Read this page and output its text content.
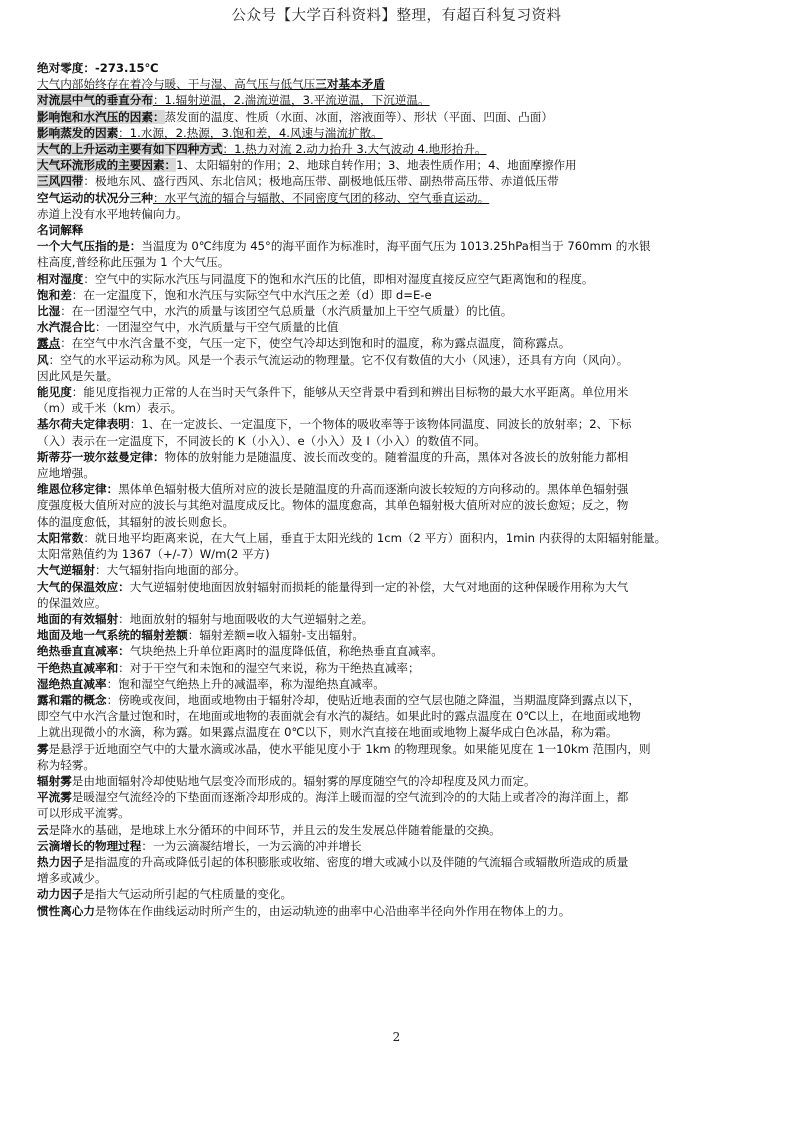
公众号【大学百科资料】整理，有超百科复习资料
绝对零度：-273.15℃
大气内部始终存在着冷与暖、干与湿、高气压与低气压三对基本矛盾
对流层中气的垂直分布：1.辐射逆温，2.湍流逆温，3.平流逆温，下沉逆温。
影响饱和水汽压的因素：蒸发面的温度、性质（水面、冰面，溶液面等）、形状（平面、凹面、凸面）
影响蒸发的因素：1.水源，2.热源，3.饱和差，4.风速与湍流扩散。
大气的上升运动主要有如下四种方式：1.热力对流 2.动力抬升 3.大气波动 4.地形抬升。
大气环流形成的主要因素：1、太阳辐射的作用；2、地球自转作用；3、地表性质作用；4、地面摩擦作用
三风四带：极地东风、盛行西风、东北信风；极地高压带、副极地低压带、副热带高压带、赤道低压带
空气运动的状况分三种：水平气流的辐合与辐散、不同密度气团的移动、空气垂直运动。
赤道上没有水平地转偏向力。
名词解释
一个大气压指的是：当温度为 0℃纬度为 45°的海平面作为标准时，海平面气压为 1013.25hPa相当于 760mm 的水银
柱高度,普经称此压强为 1 个大气压。
相对湿度：空气中的实际水汽压与同温度下的饱和水汽压的比值，即相对湿度直接反应空气距离饱和的程度。
饱和差：在一定温度下，饱和水汽压与实际空气中水汽压之差（d）即 d=E-e
比湿：在一团湿空气中，水汽的质量与该团空气总质量（水汽质量加上干空气质量）的比值。
水汽混合比：一团湿空气中，水汽质量与干空气质量的比值
露点：在空气中水汽含量不变，气压一定下，使空气冷却达到饱和时的温度，称为露点温度，简称露点。
风：空气的水平运动称为风。风是一个表示气流运动的物理量。它不仅有数值的大小（风速），还具有方向（风向）。
因此风是矢量。
能见度：能见度指视力正常的人在当时天气条件下，能够从天空背景中看到和辨出目标物的最大水平距离。单位用米
（m）或千米（km）表示。
基尔荷夫定律表明：1、在一定波长、一定温度下，一个物体的吸收率等于该物体同温度、同波长的放射率；2、下标
（入）表示在一定温度下，不同波长的 K（小入）、e（小入）及 I（小入）的数值不同。
斯蒂芬一玻尔兹曼定律：物体的放射能力是随温度、波长而改变的。随着温度的升高，黑体对各波长的放射能力都相
应地增强。
维恩位移定律：黑体单色辐射极大值所对应的波长是随温度的升高而逐渐向波长较短的方向移动的。黑体单色辐射强
度强度极大值所对应的波长与其绝对温度成反比。物体的温度愈高，其单色辐射极大值所对应的波长愈短；反之，物
体的温度愈低，其辐射的波长则愈长。
太阳常数：就日地平均距离来说，在大气上届，垂直于太阳光线的 1cm（2 平方）面积内，1min 内获得的太阳辐射能量。
太阳常熟值约为 1367（+/-7）W/m(2 平方)
大气逆辐射：大气辐射指向地面的部分。
大气的保温效应：大气逆辐射使地面因放射辐射而损耗的能量得到一定的补偿，大气对地面的这种保暖作用称为大气
的保温效应。
地面的有效辐射：地面放射的辐射与地面吸收的大气逆辐射之差。
地面及地一气系统的辐射差额：辐射差额=收入辐射-支出辐射。
绝热垂直直减率：气块绝热上升单位距离时的温度降低值，称绝热垂直直减率。
干绝热直减率和：对于干空气和未饱和的湿空气来说，称为干绝热直减率；
湿绝热直减率：饱和湿空气绝热上升的减温率，称为湿绝热直减率。
露和霜的概念：傍晚或夜间，地面或地物由于辐射冷却，使贴近地表面的空气层也随之降温，当期温度降到露点以下，
即空气中水汽含量过饱和时，在地面或地物的表面就会有水汽的凝结。如果此时的露点温度在 0℃以上，在地面或地物
上就出现微小的水滴，称为露。如果露点温度在 0℃以下，则水汽直接在地面或地物上凝华成白色冰晶，称为霜。
雾是悬浮于近地面空气中的大量水滴或冰晶，使水平能见度小于 1km 的物理现象。如果能见度在 1一10km 范围内，则
称为轻雾。
辐射雾是由地面辐射冷却使贴地气层变冷而形成的。辐射雾的厚度随空气的冷却程度及风力而定。
平流雾是暖湿空气流经冷的下垫面而逐渐冷却形成的。海洋上暖而湿的空气流到冷的的大陆上或者冷的海洋面上，都
可以形成平流雾。
云是降水的基础，是地球上水分循环的中间环节，并且云的发生发展总伴随着能量的交换。
云滴增长的物理过程：一为云滴凝结增长，一为云滴的冲并增长
热力因子是指温度的升高或降低引起的体积膨胀或收缩、密度的增大或减小以及伴随的气流辐合或辐散所造成的质量
增多或减少。
动力因子是指大气运动所引起的气柱质量的变化。
惯性离心力是物体在作曲线运动时所产生的，由运动轨迹的曲率中心沿曲率半径向外作用在物体上的力。
2
